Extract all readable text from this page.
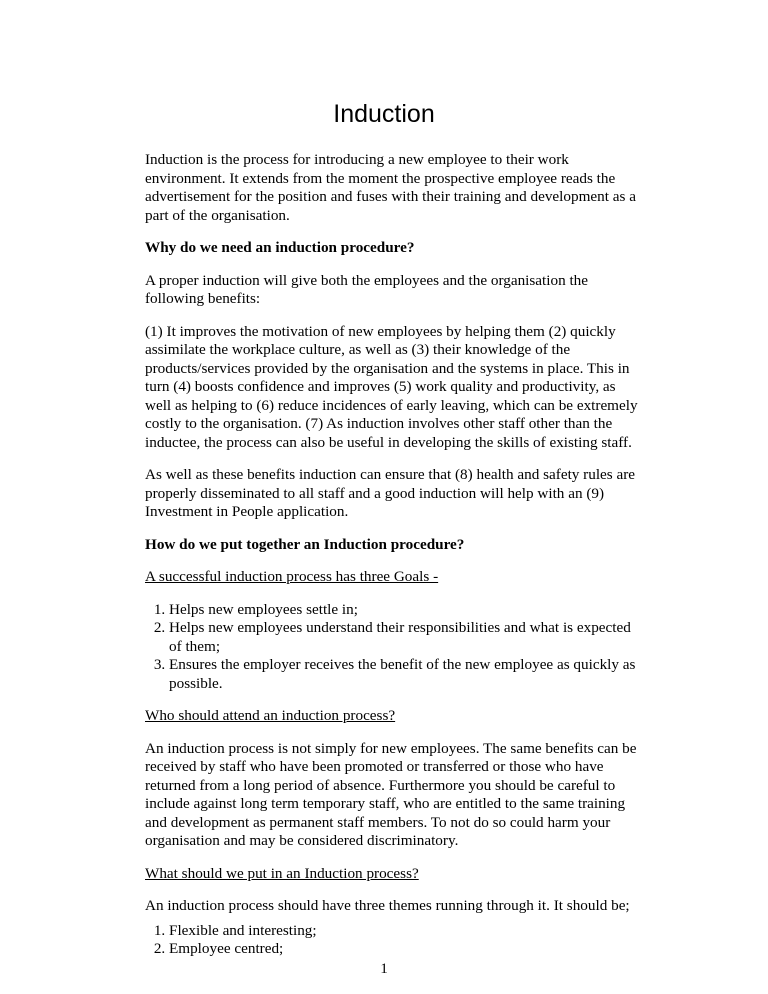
Induction

Induction is the process for introducing a new employee to their work environment. It extends from the moment the prospective employee reads the advertisement for the position and fuses with their training and development as a part of the organisation.

Why do we need an induction procedure?

A proper induction will give both the employees and the organisation the following benefits:

(1) It improves the motivation of new employees by helping them (2) quickly assimilate the workplace culture, as well as (3) their knowledge of the products/services provided by the organisation and the systems in place. This in turn (4) boosts confidence and improves (5) work quality and productivity, as well as helping to (6) reduce incidences of early leaving, which can be extremely costly to the organisation. (7) As induction involves other staff other than the inductee, the process can also be useful in developing the skills of existing staff.

As well as these benefits induction can ensure that (8) health and safety rules are properly disseminated to all staff and a good induction will help with an (9) Investment in People application.

How do we put together an Induction procedure?

A successful induction process has three Goals -

1. Helps new employees settle in;
2. Helps new employees understand their responsibilities and what is expected of them;
3. Ensures the employer receives the benefit of the new employee as quickly as possible.

Who should attend an induction process?

An induction process is not simply for new employees. The same benefits can be received by staff who have been promoted or transferred or those who have returned from a long period of absence. Furthermore you should be careful to include against long term temporary staff, who are entitled to the same training and development as permanent staff members. To not do so could harm your organisation and may be considered discriminatory.

What should we put in an Induction process?

An induction process should have three themes running through it. It should be;

1. Flexible and interesting;
2. Employee centred;
1
